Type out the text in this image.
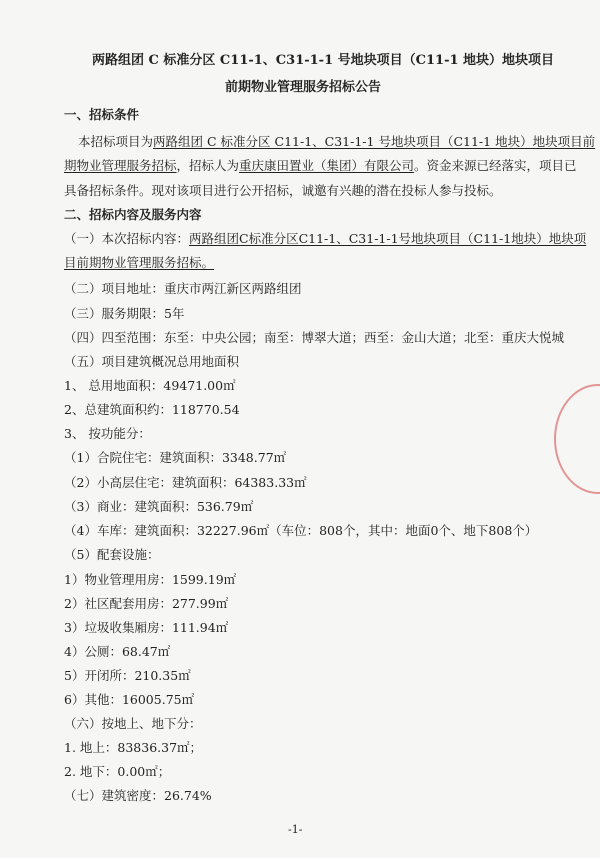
两路组团 C 标准分区 C11-1、C31-1-1 号地块项目（C11-1 地块）地块项目
前期物业管理服务招标公告
一、招标条件
本招标项目为两路组团 C 标准分区 C11-1、C31-1-1 号地块项目（C11-1 地块）地块项目前
期物业管理服务招标，招标人为重庆康田置业（集团）有限公司。资金来源已经落实，项目已
具备招标条件。现对该项目进行公开招标，诚邀有兴趣的潜在投标人参与投标。
二、招标内容及服务内容
（一）本次招标内容：两路组团C标准分区C11-1、C31-1-1号地块项目（C11-1地块）地块项
目前期物业管理服务招标。
（二）项目地址：重庆市两江新区两路组团
（三）服务期限：5年
（四）四至范围：东至：中央公园；南至：博翠大道；西至：金山大道；北至：重庆大悦城
（五）项目建筑概况总用地面积
1、 总用地面积：49471.00㎡
2、总建筑面积约：118770.54
3、 按功能分：
（1）合院住宅：建筑面积：3348.77㎡
（2）小高层住宅：建筑面积：64383.33㎡
（3）商业：建筑面积：536.79㎡
（4）车库：建筑面积：32227.96㎡（车位：808个，其中：地面0个、地下808个）
（5）配套设施：
1）物业管理用房：1599.19㎡
2）社区配套用房：277.99㎡
3）垃圾收集厢房：111.94㎡
4）公厕：68.47㎡
5）开闭所：210.35㎡
6）其他：16005.75㎡
（六）按地上、地下分：
1. 地上：83836.37㎡；
2. 地下：0.00㎡；
（七）建筑密度：26.74%
-1-
